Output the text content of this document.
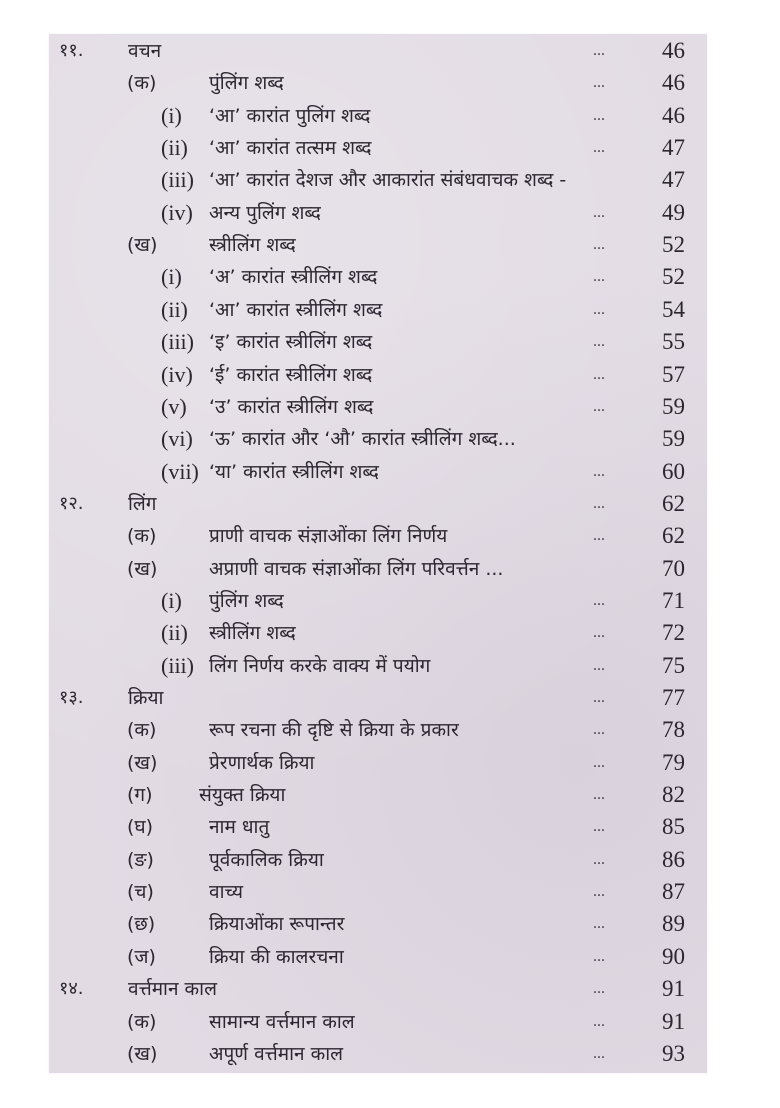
११. वचन	... 46
(क)	पुंलिंग शब्द	... 46
(i) ‘आ’ कारांत पुलिंग शब्द	... 46
(ii) ‘आ’ कारांत तत्सम शब्द	... 47
(iii) ‘आ’ कारांत देशज और आकारांत संबंधवाचक शब्द -	47
(iv) अन्य पुलिंग शब्द	... 49
(ख)	स्त्रीलिंग शब्द	... 52
(i) ‘अ’ कारांत स्त्रीलिंग शब्द	... 52
(ii) ‘आ’ कारांत स्त्रीलिंग शब्द	... 54
(iii) ‘इ’ कारांत स्त्रीलिंग शब्द	... 55
(iv) ‘ई’ कारांत स्त्रीलिंग शब्द	... 57
(v) ‘उ’ कारांत स्त्रीलिंग शब्द	... 59
(vi) ‘ऊ’ कारांत और ‘औ’ कारांत स्त्रीलिंग शब्द...	59
(vii) ‘या’ कारांत स्त्रीलिंग शब्द	... 60
१२. लिंग	... 62
(क)	प्राणी वाचक संज्ञाओंका लिंग निर्णय	... 62
(ख)	अप्राणी वाचक संज्ञाओंका लिंग परिवर्त्तन ...	70
(i) पुंलिंग शब्द	... 71
(ii) स्त्रीलिंग शब्द	... 72
(iii) लिंग निर्णय करके वाक्य में पयोग	... 75
१३. क्रिया	... 77
(क)	रूप रचना की दृष्टि से क्रिया के प्रकार	... 78
(ख)	प्रेरणार्थक क्रिया	... 79
(ग) संयुक्त क्रिया	... 82
(घ)	नाम धातु	... 85
(ङ)	पूर्वकालिक क्रिया	... 86
(च)	वाच्य	... 87
(छ)	क्रियाओंका रूपान्तर	... 89
(ज)	क्रिया की कालरचना	... 90
१४. वर्त्तमान काल	... 91
(क)	सामान्य वर्त्तमान काल	... 91
(ख)	अपूर्ण वर्त्तमान काल	... 93
